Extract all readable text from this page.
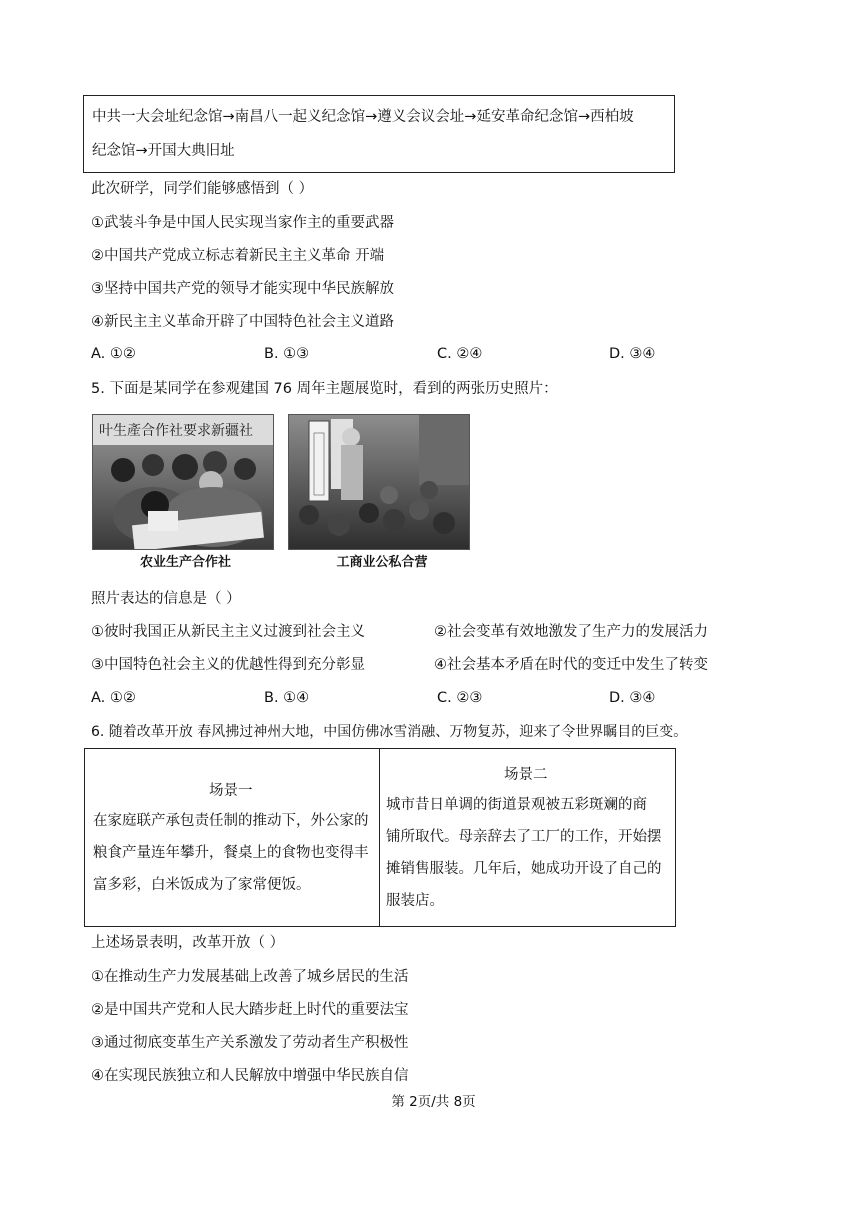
中共一大会址纪念馆→南昌八一起义纪念馆→遵义会议会址→延安革命纪念馆→西柏坡
纪念馆→开国大典旧址
此次研学，同学们能够感悟到（ ）
①武装斗争是中国人民实现当家作主的重要武器
②中国共产党成立标志着新民主主义革命 开端
③坚持中国共产党的领导才能实现中华民族解放
④新民主主义革命开辟了中国特色社会主义道路
A. ①②	B. ①③	C. ②④	D. ③④
5. 下面是某同学在参观建国 76 周年主题展览时，看到的两张历史照片：
叶生產合作社要求新疆社
农业生产合作社	工商业公私合营
照片表达的信息是（ ）
①彼时我国正从新民主主义过渡到社会主义	②社会变革有效地激发了生产力的发展活力
③中国特色社会主义的优越性得到充分彰显	④社会基本矛盾在时代的变迁中发生了转变
A. ①②	B. ①④	C. ②③	D. ③④
6. 随着改革开放 春风拂过神州大地，中国仿佛冰雪消融、万物复苏，迎来了令世界瞩目的巨变。
场景一
在家庭联产承包责任制的推动下，外公家的
粮食产量连年攀升，餐桌上的食物也变得丰
富多彩，白米饭成为了家常便饭。
场景二
城市昔日单调的街道景观被五彩斑斓的商
铺所取代。母亲辞去了工厂的工作，开始摆
摊销售服装。几年后，她成功开设了自己的
服装店。
上述场景表明，改革开放（ ）
①在推动生产力发展基础上改善了城乡居民的生活
②是中国共产党和人民大踏步赶上时代的重要法宝
③通过彻底变革生产关系激发了劳动者生产积极性
④在实现民族独立和人民解放中增强中华民族自信
第 2页/共 8页
